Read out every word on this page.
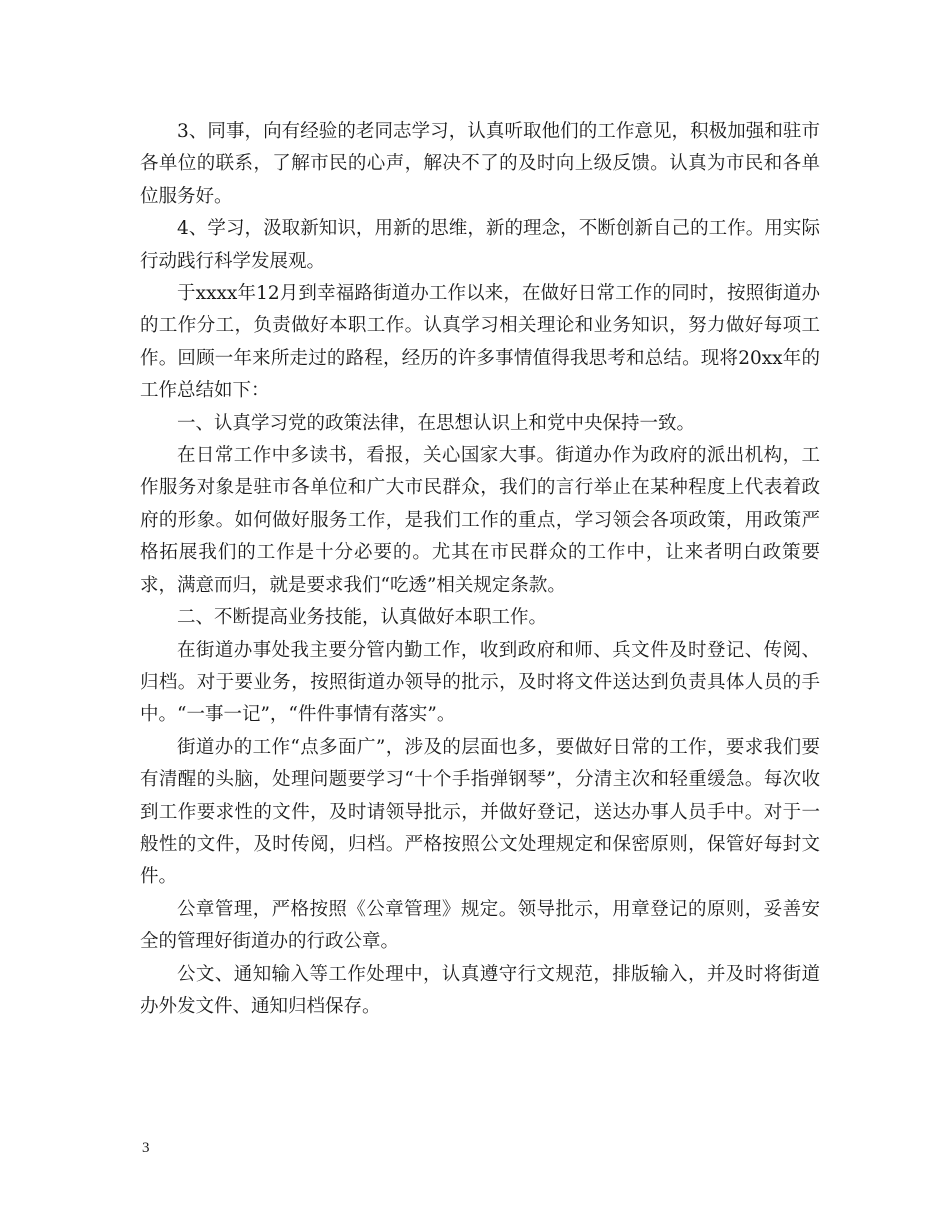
3、同事，向有经验的老同志学习，认真听取他们的工作意见，积极加强和驻市各单位的联系，了解市民的心声，解决不了的及时向上级反馈。认真为市民和各单位服务好。

4、学习，汲取新知识，用新的思维，新的理念，不断创新自己的工作。用实际行动践行科学发展观。

于xxxx年12月到幸福路街道办工作以来，在做好日常工作的同时，按照街道办的工作分工，负责做好本职工作。认真学习相关理论和业务知识，努力做好每项工作。回顾一年来所走过的路程，经历的许多事情值得我思考和总结。现将20xx年的工作总结如下：

一、认真学习党的政策法律，在思想认识上和党中央保持一致。

在日常工作中多读书，看报，关心国家大事。街道办作为政府的派出机构，工作服务对象是驻市各单位和广大市民群众，我们的言行举止在某种程度上代表着政府的形象。如何做好服务工作，是我们工作的重点，学习领会各项政策，用政策严格拓展我们的工作是十分必要的。尤其在市民群众的工作中，让来者明白政策要求，满意而归，就是要求我们“吃透”相关规定条款。

二、不断提高业务技能，认真做好本职工作。

在街道办事处我主要分管内勤工作，收到政府和师、兵文件及时登记、传阅、归档。对于要业务，按照街道办领导的批示，及时将文件送达到负责具体人员的手中。“一事一记”，“件件事情有落实”。

街道办的工作“点多面广”，涉及的层面也多，要做好日常的工作，要求我们要有清醒的头脑，处理问题要学习“十个手指弹钢琴”，分清主次和轻重缓急。每次收到工作要求性的文件，及时请领导批示，并做好登记，送达办事人员手中。对于一般性的文件，及时传阅，归档。严格按照公文处理规定和保密原则，保管好每封文件。

公章管理，严格按照《公章管理》规定。领导批示，用章登记的原则，妥善安全的管理好街道办的行政公章。

公文、通知输入等工作处理中，认真遵守行文规范，排版输入，并及时将街道办外发文件、通知归档保存。

3
